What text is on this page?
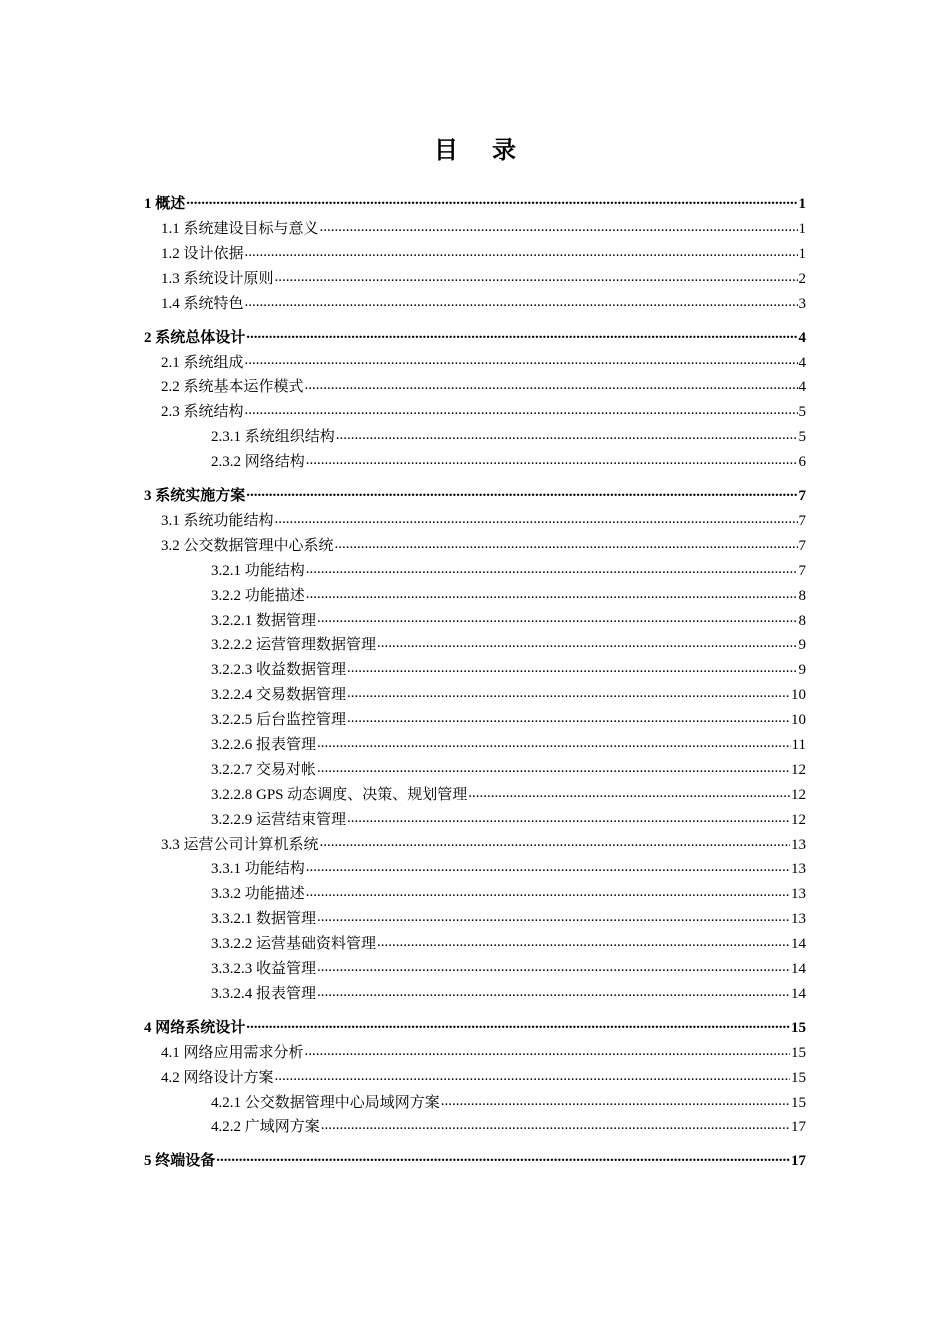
目 录
1 概述 .....	1
1.1 系统建设目标与意义 .....	1
1.2 设计依据 .....	1
1.3 系统设计原则 .....	2
1.4 系统特色 .....	3
2 系统总体设计 .....	4
2.1 系统组成 .....	4
2.2 系统基本运作模式 .....	4
2.3 系统结构 .....	5
2.3.1 系统组织结构 .....	5
2.3.2 网络结构 .....	6
3 系统实施方案 .....	7
3.1 系统功能结构 .....	7
3.2 公交数据管理中心系统 .....	7
3.2.1 功能结构 .....	7
3.2.2 功能描述 .....	8
3.2.2.1 数据管理 .....	8
3.2.2.2 运营管理数据管理 .....	9
3.2.2.3 收益数据管理 .....	9
3.2.2.4 交易数据管理 .....	10
3.2.2.5 后台监控管理 .....	10
3.2.2.6 报表管理 .....	11
3.2.2.7 交易对帐 .....	12
3.2.2.8 GPS 动态调度、决策、规划管理 .....	12
3.2.2.9 运营结束管理 .....	12
3.3 运营公司计算机系统 .....	13
3.3.1 功能结构 .....	13
3.3.2 功能描述 .....	13
3.3.2.1 数据管理 .....	13
3.3.2.2 运营基础资料管理 .....	14
3.3.2.3 收益管理 .....	14
3.3.2.4 报表管理 .....	14
4 网络系统设计 .....	15
4.1 网络应用需求分析 .....	15
4.2 网络设计方案 .....	15
4.2.1 公交数据管理中心局域网方案 .....	15
4.2.2 广域网方案 .....	17
5 终端设备 .....	17
